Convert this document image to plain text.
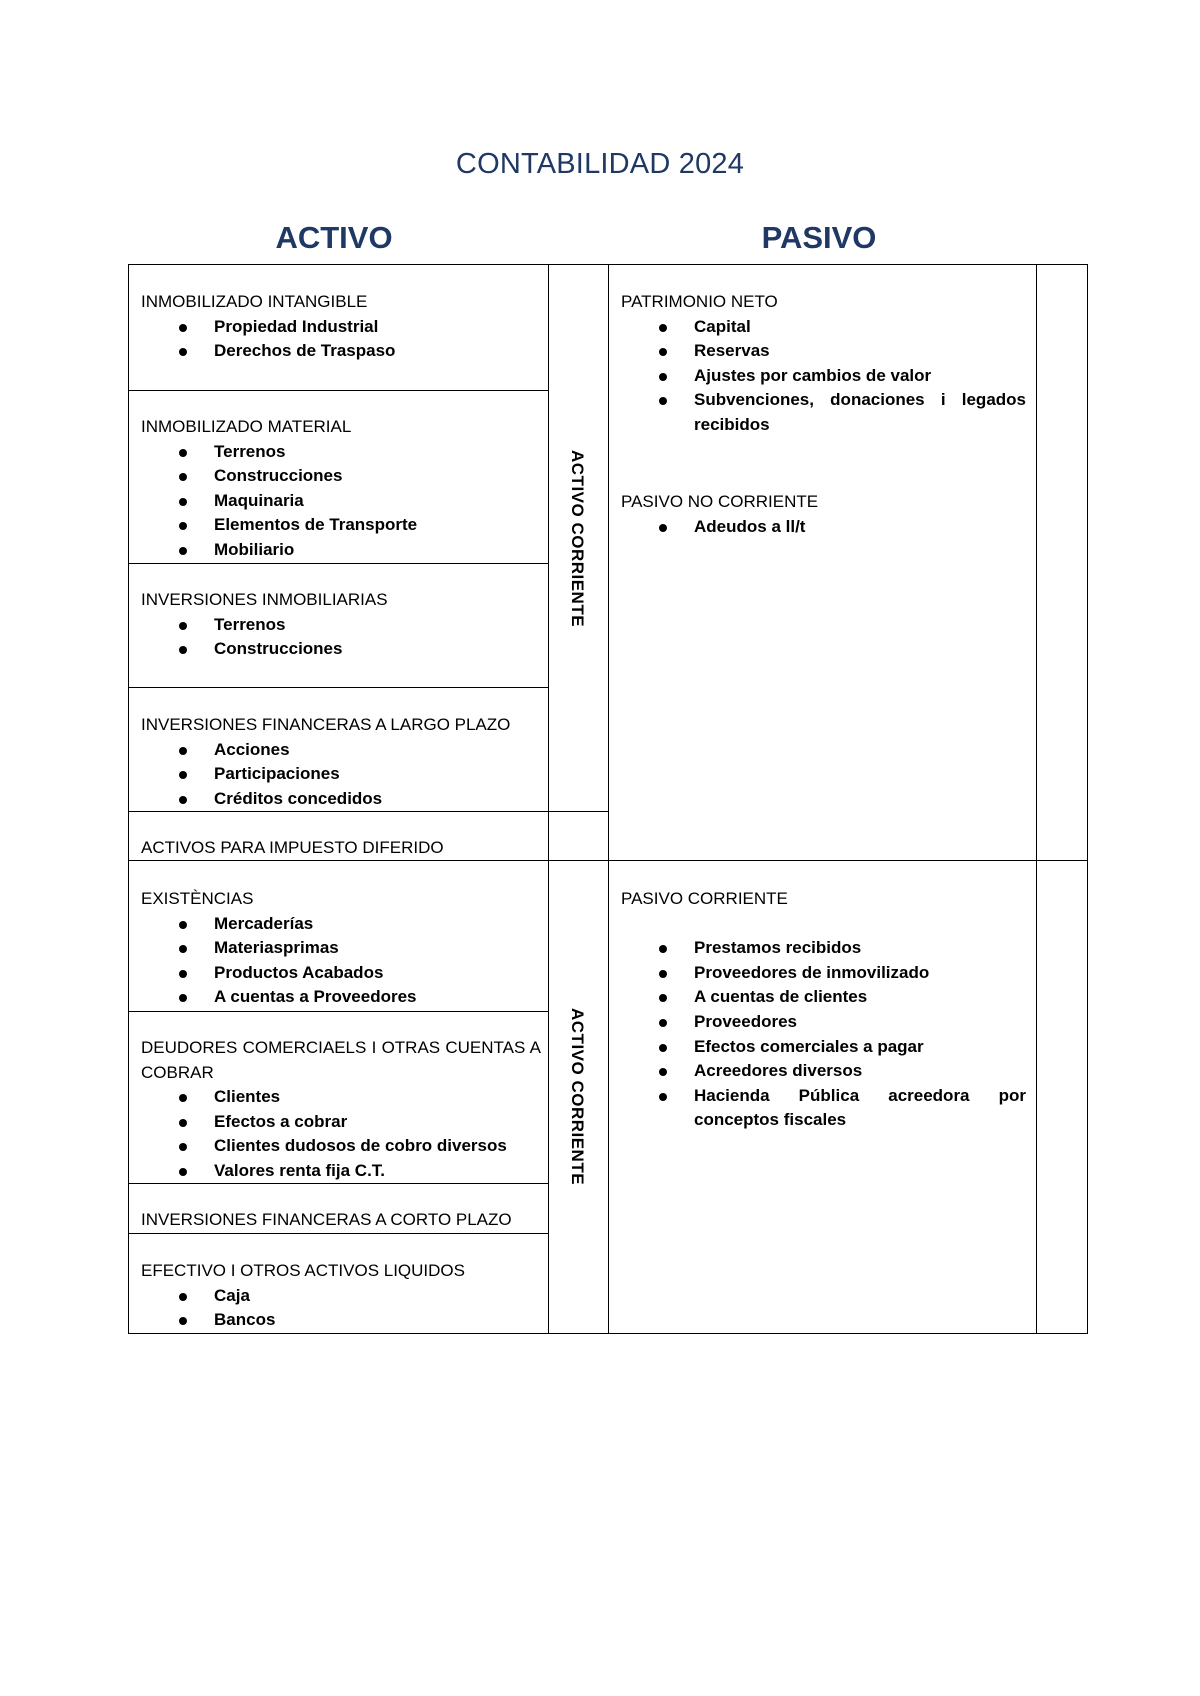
CONTABILIDAD 2024
ACTIVO	PASIVO
ACTIVO CORRIENTE
ACTIVO CORRIENTE
INMOBILIZADO INTANGIBLE
Propiedad Industrial
Derechos de Traspaso
INMOBILIZADO MATERIAL
Terrenos
Construcciones
Maquinaria
Elementos de Transporte
Mobiliario
INVERSIONES INMOBILIARIAS
Terrenos
Construcciones
INVERSIONES FINANCERAS A LARGO PLAZO
Acciones
Participaciones
Créditos concedidos
ACTIVOS PARA IMPUESTO DIFERIDO
EXISTÈNCIAS
Mercaderías
Materiasprimas
Productos Acabados
A cuentas a Proveedores
DEUDORES COMERCIAELS I OTRAS CUENTAS A COBRAR
Clientes
Efectos a cobrar
Clientes dudosos de cobro diversos
Valores renta fija C.T.
INVERSIONES FINANCERAS A CORTO PLAZO
EFECTIVO I OTROS ACTIVOS LIQUIDOS
Caja
Bancos
PATRIMONIO NETO
Capital
Reservas
Ajustes por cambios de valor
Subvenciones, donaciones i legados recibidos
PASIVO NO CORRIENTE
Adeudos a ll/t
PASIVO CORRIENTE
Prestamos recibidos
Proveedores de inmovilizado
A cuentas de clientes
Proveedores
Efectos comerciales a pagar
Acreedores diversos
Hacienda Pública acreedora por conceptos fiscales
